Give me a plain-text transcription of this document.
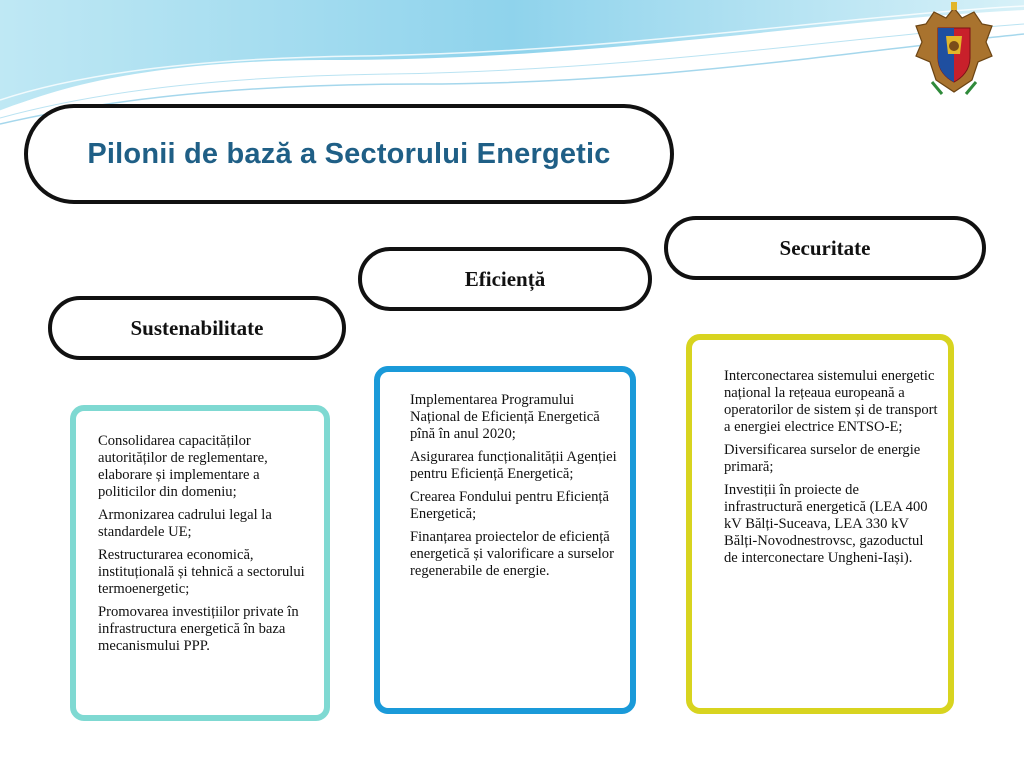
Pilonii de bază a Sectorului Energetic
Sustenabilitate
Eficiență
Securitate

Consolidarea capacităților autorităților de reglementare, elaborare și implementare a politicilor din domeniu;

Armonizarea cadrului legal la standardele UE;

Restructurarea economică, instituțională și tehnică a sectorului termoenergetic;

Promovarea investițiilor private în infrastructura energetică în baza mecanismului PPP.

Implementarea Programului Național de Eficiență Energetică pînă în anul 2020;

Asigurarea funcționalității Agenției pentru Eficiență Energetică;

Crearea Fondului pentru Eficiență Energetică;

Finanțarea proiectelor de eficiență energetică și valorificare a surselor regenerabile de energie.

Interconectarea sistemului energetic național la rețeaua europeană a operatorilor de sistem și de transport a energiei electrice ENTSO-E;

Diversificarea surselor de energie primară;

Investiții în proiecte de infrastructură energetică (LEA 400 kV Bălți-Suceava, LEA 330 kV Bălți-Novodnestrovsc, gazoductul de interconectare Ungheni-Iași).
